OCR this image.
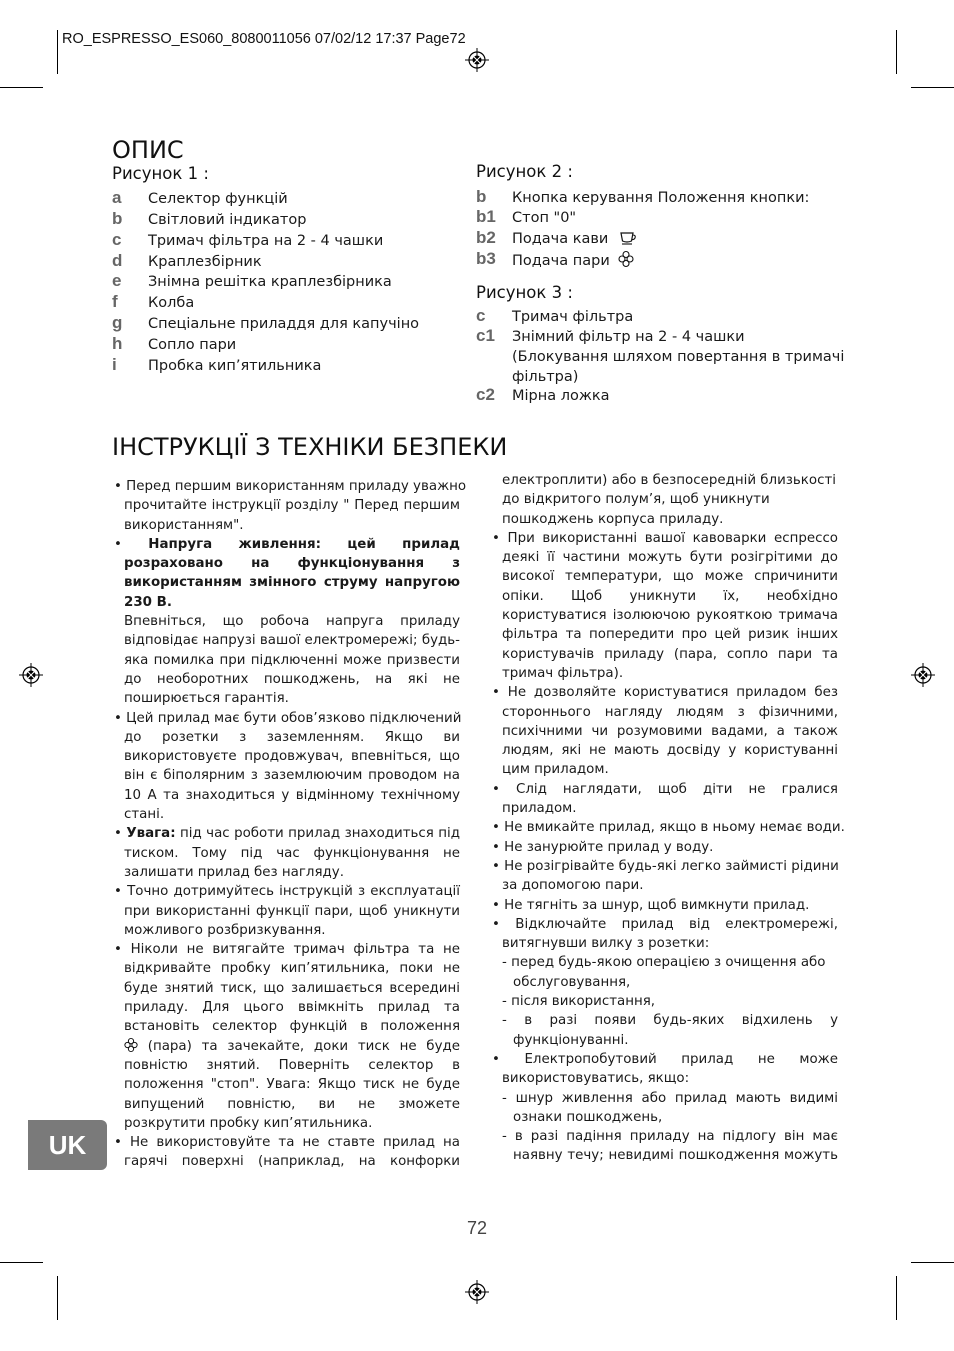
RO_ESPRESSO_ES060_8080011056 07/02/12 17:37 Page72
ОПИС
Рисунок 1 :
a Селектор функцій
b Світловий індикатор
c Тримач фільтра на 2 - 4 чашки
d Краплезбірник
e Знімна решітка краплезбірника
f Колба
g Спеціальне приладдя для капучіно
h Сопло пари
i Пробка кип’ятильника
Рисунок 2 :
b Кнопка керування Положення кнопки:
b1 Стоп "0"
b2 Подача кави
b3 Подача пари
Рисунок 3 :
c Тримач фільтра
c1 Знімний фільтр на 2 - 4 чашки
(Блокування шляхом повертання в тримачі
фільтра)
c2 Мірна ложка
ІНСТРУКЦІЇ З ТЕХНІКИ БЕЗПЕКИ
• Перед першим використанням приладу уважно
прочитайте інструкції розділу " Перед першим
використанням".
• Напруга живлення: цей прилад
розраховано на функціонування з
використанням змінного струму напругою
230 В.
Впевніться, що робоча напруга приладу
відповідає напрузі вашої електромережі; будь-
яка помилка при підключенні може призвести
до необоротних пошкоджень, на які не
поширюється гарантія.
• Цей прилад має бути обов’язково підключений
до розетки з заземленням. Якщо ви
використовуєте продовжувач, впевніться, що
він є біполярним з заземлюючим проводом на
10 А та знаходиться у відмінному технічному
стані.
• Увага: під час роботи прилад знаходиться під
тиском. Тому під час функціонування не
залишати прилад без нагляду.
• Точно дотримуйтесь інструкцій з експлуатації
при використанні функції пари, щоб уникнути
можливого розбризкування.
• Ніколи не витягайте тримач фільтра та не
відкривайте пробку кип’ятильника, поки не
буде знятий тиск, що залишається всередині
приладу. Для цього ввімкніть прилад та
встановіть селектор функцій в положення
(пара) та зачекайте, доки тиск не буде
повністю знятий. Поверніть селектор в
положення "стоп". Увага: Якщо тиск не буде
випущений повністю, ви не зможете
розкрутити пробку кип’ятильника.
• Не використовуйте та не ставте прилад на
гарячі поверхні (наприклад, на конфорки
електроплити) або в безпосередній близькості
до відкритого полум’я, щоб уникнути
пошкоджень корпуса приладу.
• При використанні вашої кавоварки еспрессо
деякі її частини можуть бути розігрітими до
високої температури, що може спричинити
опіки. Щоб уникнути їх, необхідно
користуватися ізолюючою рукояткою тримача
фільтра та попередити про цей ризик інших
користувачів приладу (пара, сопло пари та
тримач фільтра).
• Не дозволяйте користуватися приладом без
стороннього нагляду людям з фізичними,
психічними чи розумовими вадами, а також
людям, які не мають досвіду у користуванні
цим приладом.
• Слід наглядати, щоб діти не гралися
приладом.
• Не вмикайте прилад, якщо в ньому немає води.
• Не занурюйте прилад у воду.
• Не розігрівайте будь-які легко займисті рідини
за допомогою пари.
• Не тягніть за шнур, щоб вимкнути прилад.
• Відключайте прилад від електромережі,
витягнувши вилку з розетки:
- перед будь-якою операцією з очищення або
обслуговування,
- після використання,
- в разі появи будь-яких відхилень у
функціонуванні.
• Електропобутовий прилад не може
використовуватись, якщо:
- шнур живлення або прилад мають видимі
ознаки пошкоджень,
- в разі падіння приладу на підлогу він має
наявну течу; невидимі пошкодження можуть
UK
72
